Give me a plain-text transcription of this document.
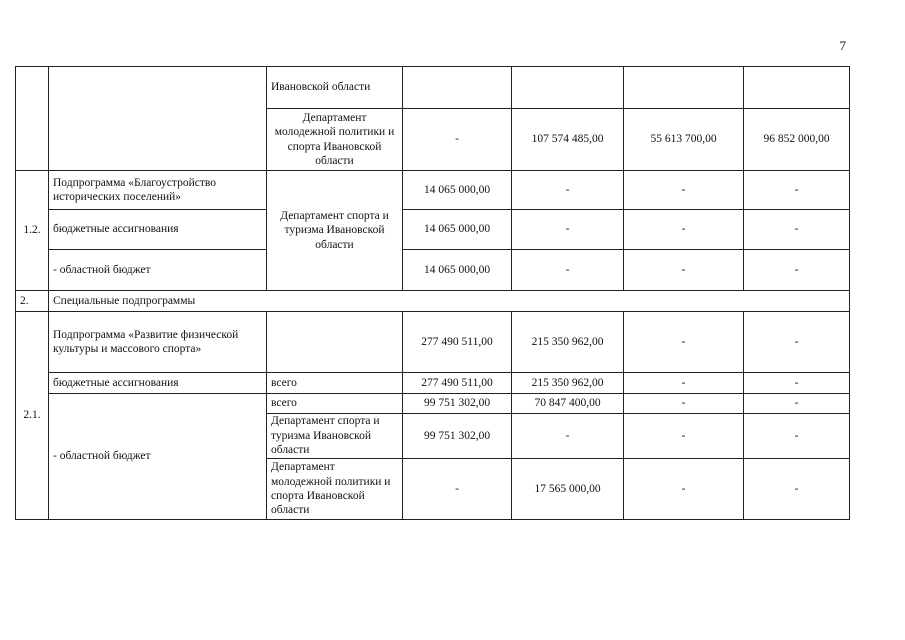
7
		Ивановской области				
		Департамент молодежной политики и спорта Ивановской области	-	107 574 485,00	55 613 700,00	96 852 000,00
1.2.	Подпрограмма «Благоустройство исторических поселений»	Департамент спорта и туризма Ивановской области	14 065 000,00	-	-	-
	бюджетные ассигнования		14 065 000,00	-	-	-
	- областной бюджет		14 065 000,00	-	-	-
2.	Специальные подпрограммы					
2.1.	Подпрограмма «Развитие физической культуры и массового спорта»		277 490 511,00	215 350 962,00	-	-
	бюджетные ассигнования	всего	277 490 511,00	215 350 962,00	-	-
	- областной бюджет	всего	99 751 302,00	70 847 400,00	-	-
		Департамент спорта и туризма Ивановской области	99 751 302,00	-	-	-
		Департамент молодежной политики и спорта Ивановской области	-	17 565 000,00	-	-
